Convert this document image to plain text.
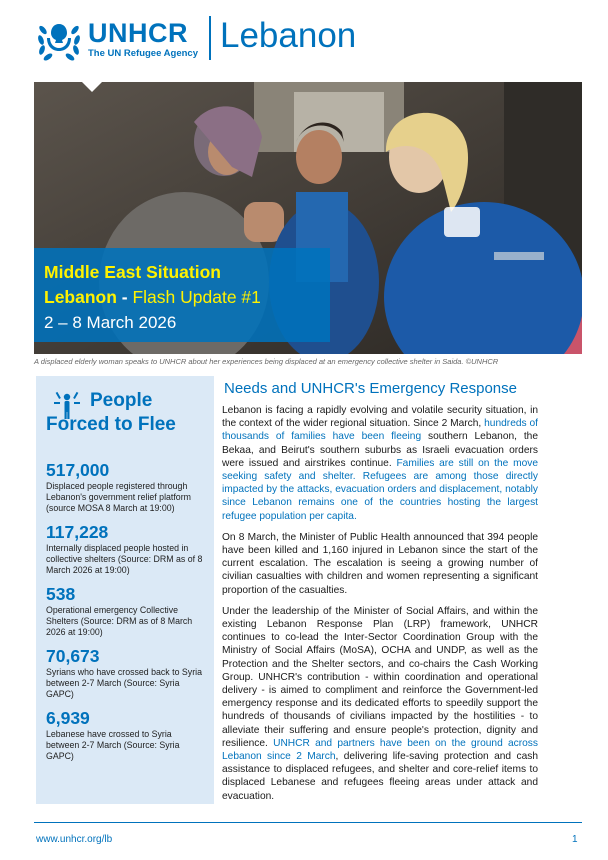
UNHCR
The UN Refugee Agency Lebanon
Middle East Situation
Lebanon - Flash Update #1
2 – 8 March 2026
A displaced elderly woman speaks to UNHCR about her experiences being displaced at an emergency collective shelter in Saida. ©UNHCR
People
Forced to Flee
517,000
Displaced people registered through Lebanon's government relief platform (source MOSA 8 March at 19:00)
117,228
Internally displaced people hosted in collective shelters (Source: DRM as of 8 March 2026 at 19:00)
538
Operational emergency Collective Shelters (Source: DRM as of 8 March 2026 at 19:00)
70,673
Syrians who have crossed back to Syria between 2-7 March (Source: Syria GAPC)
6,939
Lebanese have crossed to Syria between 2-7 March (Source: Syria GAPC)
Needs and UNHCR's Emergency Response

Lebanon is facing a rapidly evolving and volatile security situation, in the context of the wider regional situation. Since 2 March, hundreds of thousands of families have been fleeing southern Lebanon, the Bekaa, and Beirut's southern suburbs as Israeli evacuation orders were issued and airstrikes continue. Families are still on the move seeking safety and shelter. Refugees are among those directly impacted by the attacks, evacuation orders and displacement, notably since Lebanon remains one of the countries hosting the largest refugee population per capita.

On 8 March, the Minister of Public Health announced that 394 people have been killed and 1,160 injured in Lebanon since the start of the current escalation. The escalation is seeing a growing number of civilian casualties with children and women representing a significant proportion of the casualties.

Under the leadership of the Minister of Social Affairs, and within the existing Lebanon Response Plan (LRP) framework, UNHCR continues to co-lead the Inter-Sector Coordination Group with the Ministry of Social Affairs (MoSA), OCHA and UNDP, as well as the Protection and the Shelter sectors, and co-chairs the Cash Working Group. UNHCR's contribution - within coordination and operational delivery - is aimed to compliment and reinforce the Government-led emergency response and its dedicated efforts to speedily support the hundreds of thousands of civilians impacted by the hostilities - to alleviate their suffering and ensure people's protection, dignity and resilience. UNHCR and partners have been on the ground across Lebanon since 2 March, delivering life-saving protection and cash assistance to displaced refugees, and shelter and core-relief items to displaced Lebanese and refugees fleeing areas under attack and evacuation.

www.unhcr.org/lb	1
